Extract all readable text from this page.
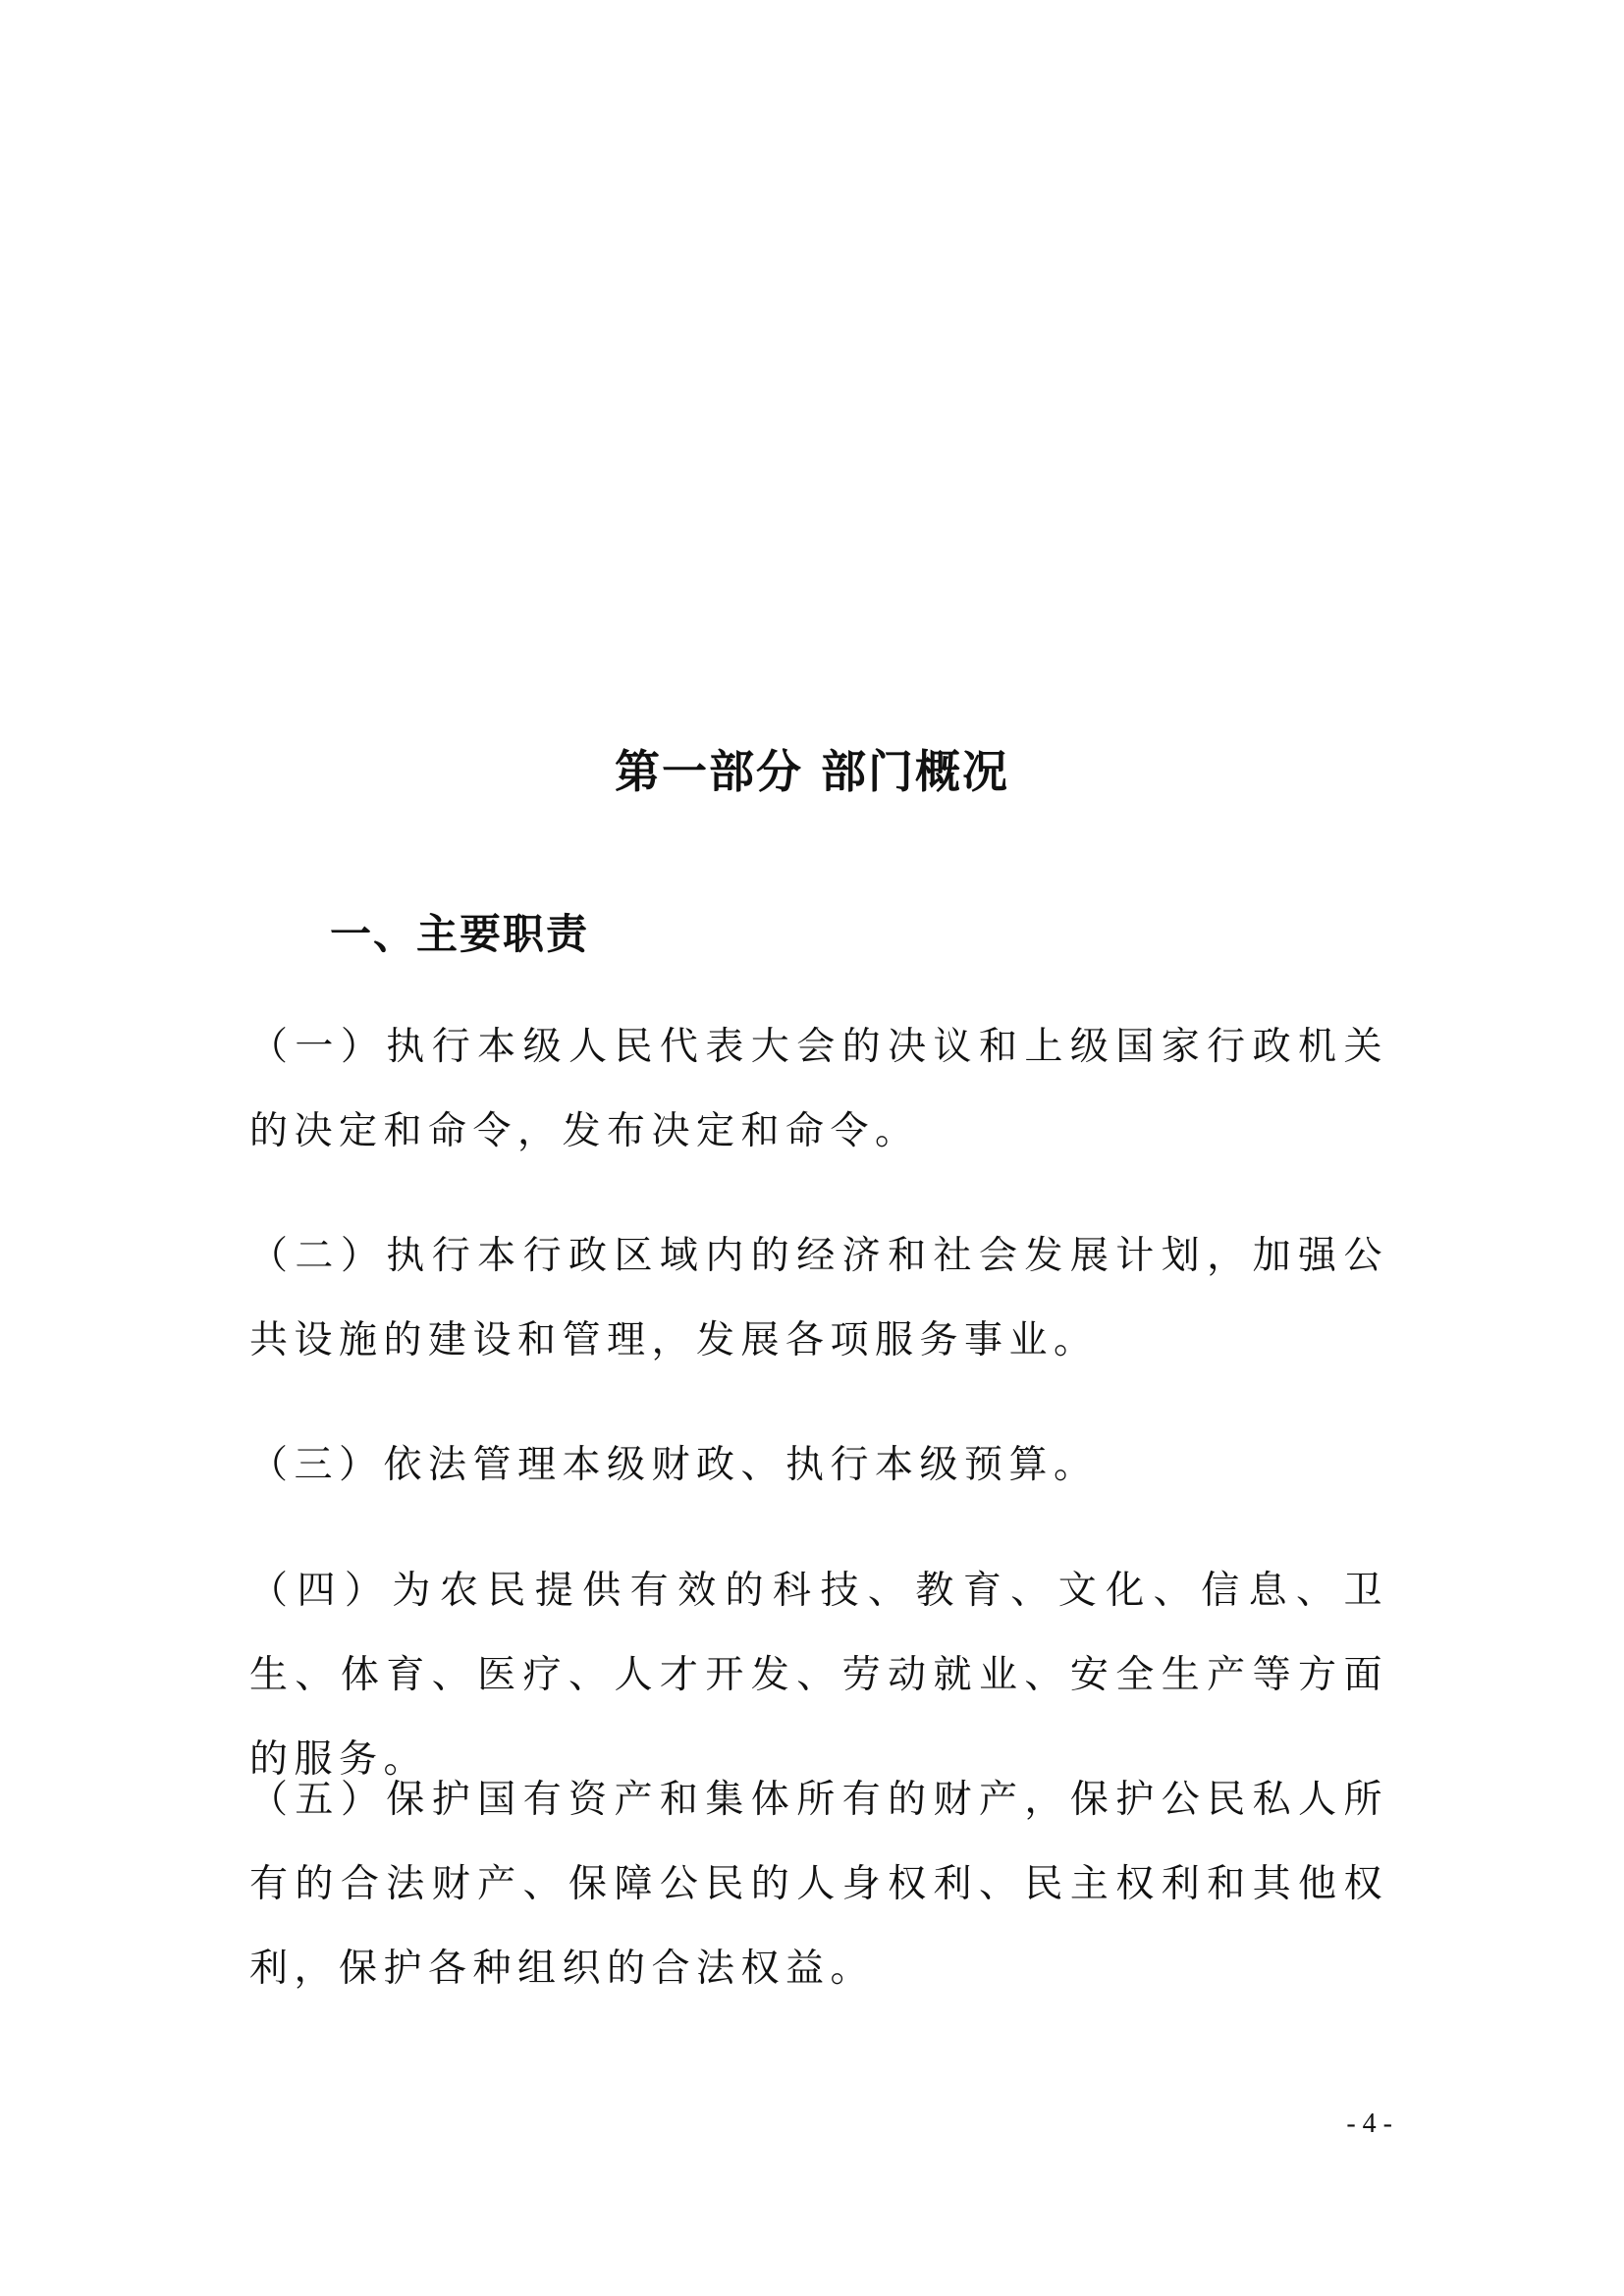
第一部分 部门概况
一、主要职责

（一）执行本级人民代表大会的决议和上级国家行政机关的决定和命令，发布决定和命令。

（二）执行本行政区域内的经济和社会发展计划，加强公共设施的建设和管理，发展各项服务事业。

（三）依法管理本级财政、执行本级预算。

（四）为农民提供有效的科技、教育、文化、信息、卫生、体育、医疗、人才开发、劳动就业、安全生产等方面的服务。

（五）保护国有资产和集体所有的财产，保护公民私人所有的合法财产、保障公民的人身权利、民主权利和其他权利，保护各种组织的合法权益。

- 4 -
